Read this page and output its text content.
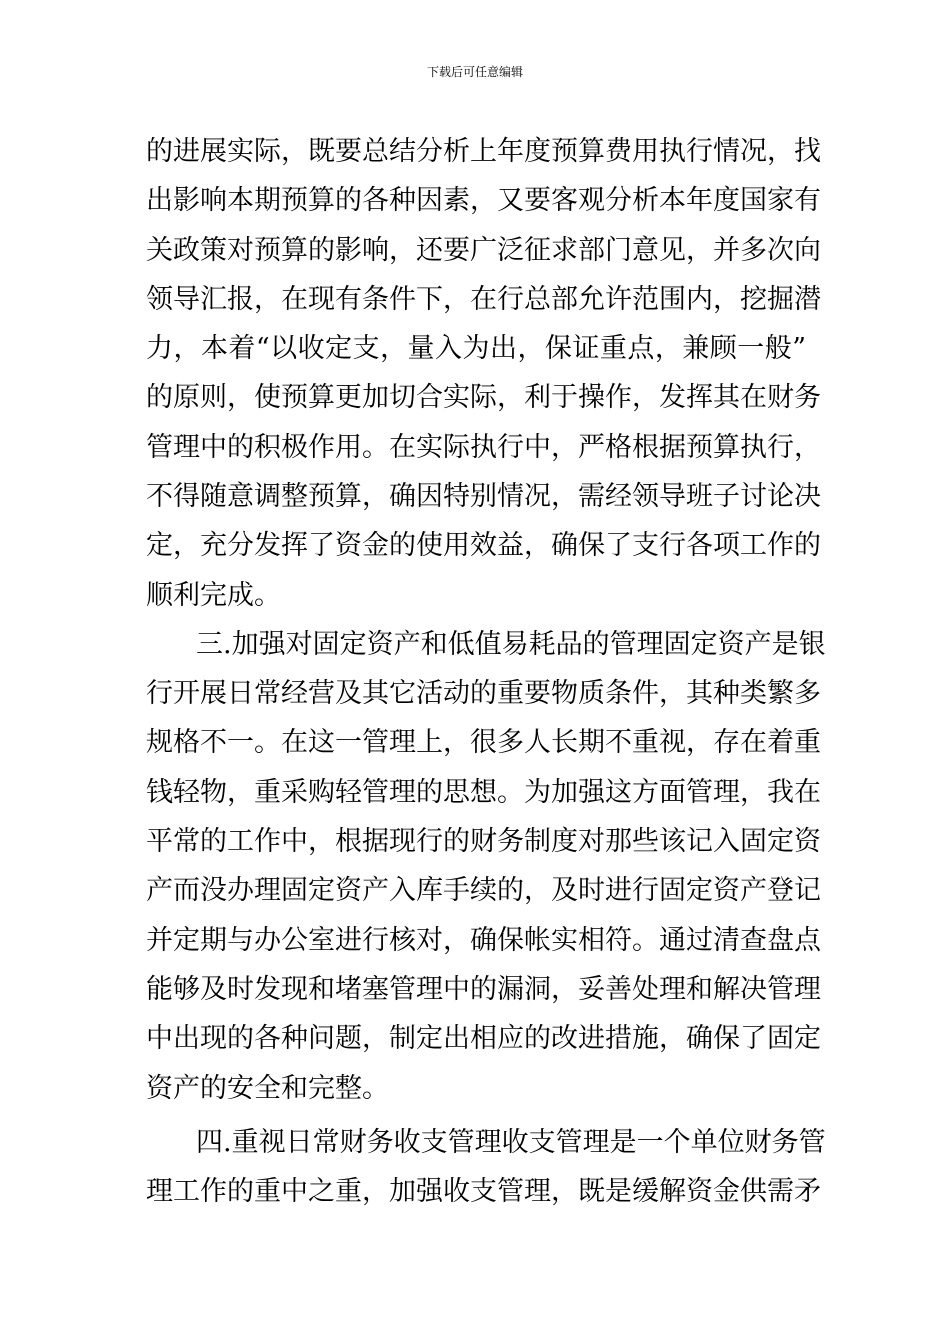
下载后可任意编辑
的进展实际，既要总结分析上年度预算费用执行情况，找
出影响本期预算的各种因素，又要客观分析本年度国家有
关政策对预算的影响，还要广泛征求部门意见，并多次向
领导汇报，在现有条件下，在行总部允许范围内，挖掘潜
力，本着“以收定支，量入为出，保证重点，兼顾一般”
的原则，使预算更加切合实际，利于操作，发挥其在财务
管理中的积极作用。在实际执行中，严格根据预算执行，
不得随意调整预算，确因特别情况，需经领导班子讨论决
定，充分发挥了资金的使用效益，确保了支行各项工作的
顺利完成。
三.加强对固定资产和低值易耗品的管理固定资产是银
行开展日常经营及其它活动的重要物质条件，其种类繁多
规格不一。在这一管理上，很多人长期不重视，存在着重
钱轻物，重采购轻管理的思想。为加强这方面管理，我在
平常的工作中，根据现行的财务制度对那些该记入固定资
产而没办理固定资产入库手续的，及时进行固定资产登记
并定期与办公室进行核对，确保帐实相符。通过清查盘点
能够及时发现和堵塞管理中的漏洞，妥善处理和解决管理
中出现的各种问题，制定出相应的改进措施，确保了固定
资产的安全和完整。
四.重视日常财务收支管理收支管理是一个单位财务管
理工作的重中之重，加强收支管理，既是缓解资金供需矛
